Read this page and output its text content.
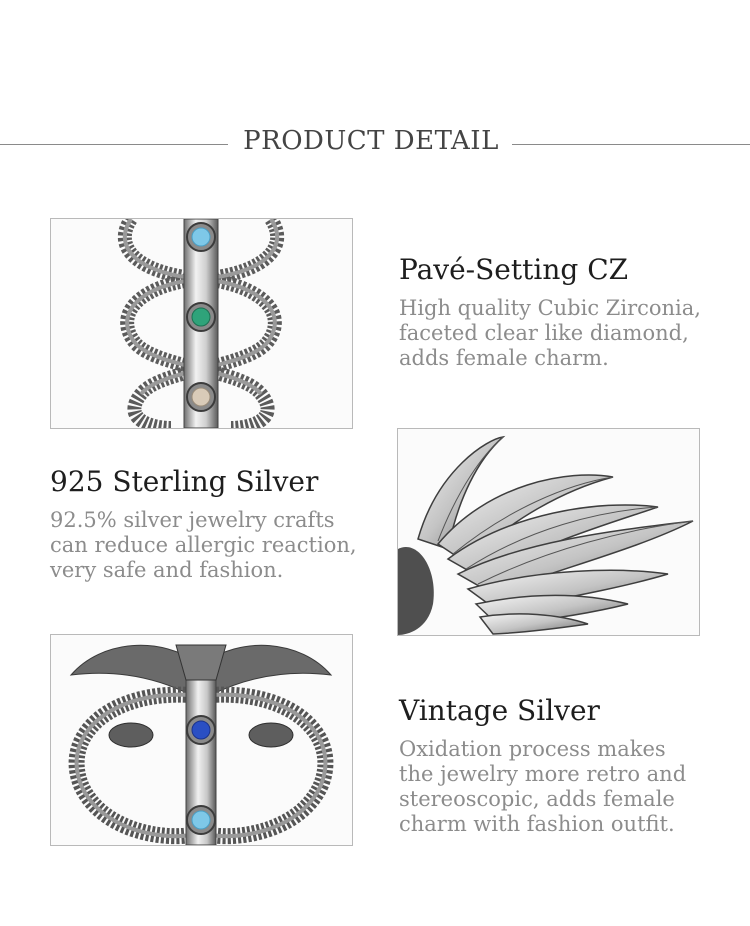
PRODUCT DETAIL
Pavé-Setting CZ

High quality Cubic Zirconia,
faceted clear like diamond,
adds female charm.

925 Sterling Silver

92.5% silver jewelry crafts
can reduce allergic reaction,
very safe and fashion.

Vintage Silver

Oxidation process makes
the jewelry more retro and
stereoscopic, adds female
charm with fashion outfit.
